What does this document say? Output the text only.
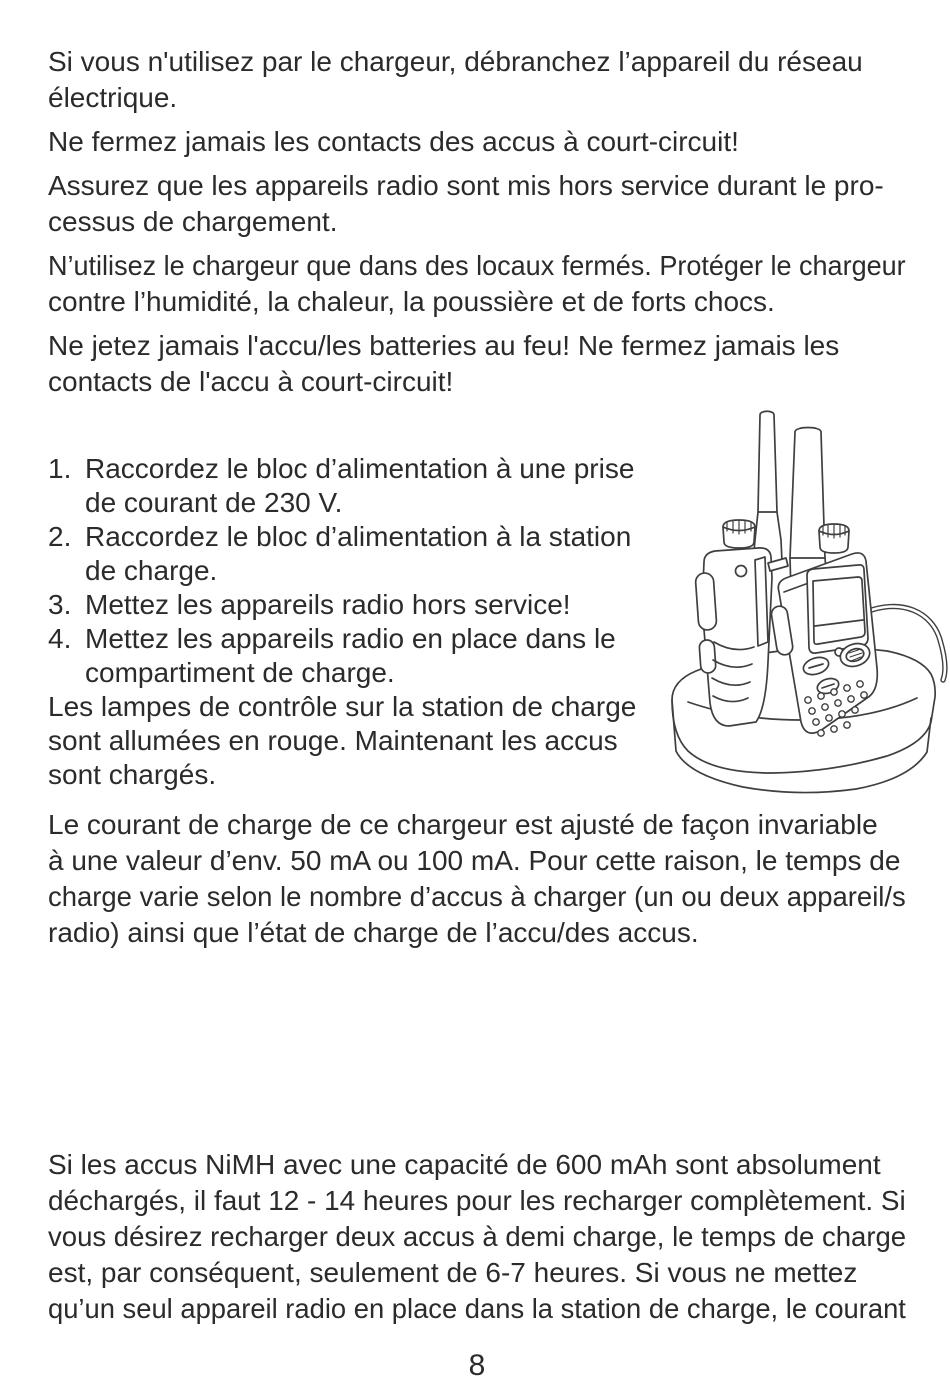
Si vous n'utilisez par le chargeur, débranchez l’appareil du réseau
électrique.
Ne fermez jamais les contacts des accus à court-circuit!
Assurez que les appareils radio sont mis hors service durant le pro-
cessus de chargement.
N’utilisez le chargeur que dans des locaux fermés. Protéger le chargeur
contre l’humidité, la chaleur, la poussière et de forts chocs.
Ne jetez jamais l'accu/les batteries au feu! Ne fermez jamais les
contacts de l'accu à court-circuit!
1. Raccordez le bloc d’alimentation à une prise
de courant de 230 V.
2. Raccordez le bloc d’alimentation à la station
de charge.
3. Mettez les appareils radio hors service!
4. Mettez les appareils radio en place dans le
compartiment de charge.
Les lampes de contrôle sur la station de charge
sont allumées en rouge. Maintenant les accus
sont chargés.
Le courant de charge de ce chargeur est ajusté de façon invariable
à une valeur d’env. 50 mA ou 100 mA. Pour cette raison, le temps de
charge varie selon le nombre d’accus à charger (un ou deux appareil/s
radio) ainsi que l’état de charge de l’accu/des accus.
Si les accus NiMH avec une capacité de 600 mAh sont absolument
déchargés, il faut 12 - 14 heures pour les recharger complètement. Si
vous désirez recharger deux accus à demi charge, le temps de charge
est, par conséquent, seulement de 6-7 heures. Si vous ne mettez
qu’un seul appareil radio en place dans la station de charge, le courant
8
